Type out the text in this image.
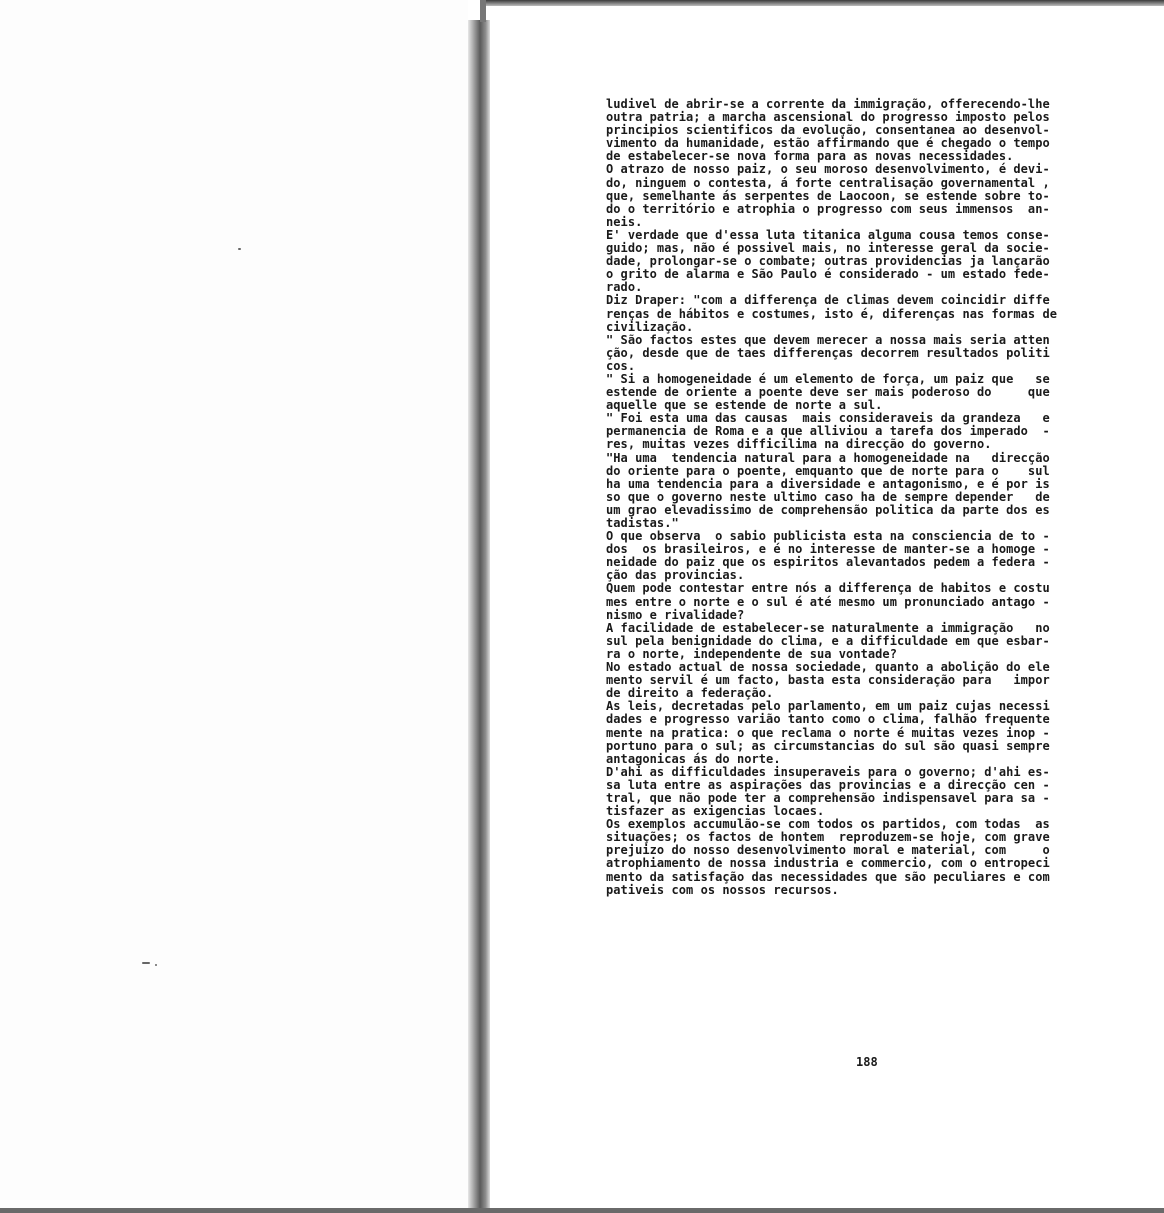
ludivel de abrir-se a corrente da immigração, offerecendo-lhe
outra patria; a marcha ascensional do progresso imposto pelos
principios scientificos da evolução, consentanea ao desenvol-
vimento da humanidade, estão affirmando que é chegado o tempo
de estabelecer-se nova forma para as novas necessidades.
O atrazo de nosso paiz, o seu moroso desenvolvimento, é devi-
do, ninguem o contesta, á forte centralisação governamental ,
que, semelhante ás serpentes de Laocoon, se estende sobre to-
do o território e atrophia o progresso com seus immensos  an-
neis.
E' verdade que d'essa luta titanica alguma cousa temos conse-
guido; mas, não é possivel mais, no interesse geral da socie-
dade, prolongar-se o combate; outras providencias ja lançarão
o grito de alarma e São Paulo é considerado - um estado fede-
rado.
Diz Draper: "com a differença de climas devem coincidir diffe
renças de hábitos e costumes, isto é, diferenças nas formas de
civilização.
" São factos estes que devem merecer a nossa mais seria atten
ção, desde que de taes differenças decorrem resultados politi
cos.
" Si a homogeneidade é um elemento de força, um paiz que   se
estende de oriente a poente deve ser mais poderoso do     que
aquelle que se estende de norte a sul.
" Foi esta uma das causas  mais consideraveis da grandeza   e
permanencia de Roma e a que alliviou a tarefa dos imperado  -
res, muitas vezes difficilima na direcção do governo.
"Ha uma  tendencia natural para a homogeneidade na   direcção
do oriente para o poente, emquanto que de norte para o    sul
ha uma tendencia para a diversidade e antagonismo, e é por is
so que o governo neste ultimo caso ha de sempre depender   de
um grao elevadissimo de comprehensão politica da parte dos es
tadistas."
O que observa  o sabio publicista esta na consciencia de to -
dos  os brasileiros, e é no interesse de manter-se a homoge -
neidade do paiz que os espiritos alevantados pedem a federa -
ção das provincias.
Quem pode contestar entre nós a differença de habitos e costu
mes entre o norte e o sul é até mesmo um pronunciado antago -
nismo e rivalidade?
A facilidade de estabelecer-se naturalmente a immigração   no
sul pela benignidade do clima, e a difficuldade em que esbar-
ra o norte, independente de sua vontade?
No estado actual de nossa sociedade, quanto a abolição do ele
mento servil é um facto, basta esta consideração para   impor
de direito a federação.
As leis, decretadas pelo parlamento, em um paiz cujas necessi
dades e progresso varião tanto como o clima, falhão frequente
mente na pratica: o que reclama o norte é muitas vezes inop -
portuno para o sul; as circumstancias do sul são quasi sempre
antagonicas ás do norte.
D'ahi as difficuldades insuperaveis para o governo; d'ahi es-
sa luta entre as aspirações das provincias e a direcção cen -
tral, que não pode ter a comprehensão indispensavel para sa -
tisfazer as exigencias locaes.
Os exemplos accumulão-se com todos os partidos, com todas  as
situações; os factos de hontem  reproduzem-se hoje, com grave
prejuizo do nosso desenvolvimento moral e material, com     o
atrophiamento de nossa industria e commercio, com o entropeci
mento da satisfação das necessidades que são peculiares e com
pativeis com os nossos recursos.
188
